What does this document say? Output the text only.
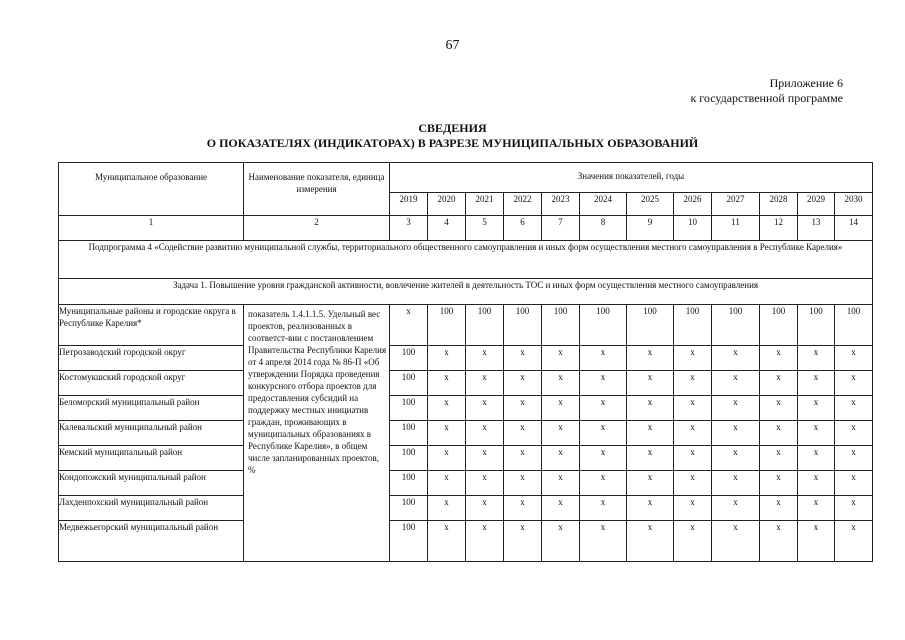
67
Приложение 6
к государственной программе
СВЕДЕНИЯ
О ПОКАЗАТЕЛЯХ (ИНДИКАТОРАХ) В РАЗРЕЗЕ МУНИЦИПАЛЬНЫХ ОБРАЗОВАНИЙ
Муниципальное образование	Наименование показателя, единица измерения	Значения показателей, годы											
		2019	2020	2021	2022	2023	2024	2025	2026	2027	2028	2029	2030
1	2	3	4	5	6	7	8	9	10	11	12	13	14
Подпрограмма 4 «Содействие развитию муниципальной службы, территориального общественного самоуправления и иных форм осуществления местного самоуправления в Республике Карелия»													
Задача 1. Повышение уровня гражданской активности, вовлечение жителей в деятельность ТОС и иных форм осуществления местного самоуправления													
Муниципальные районы и городские округа в Республике Карелия*	показатель 1.4.1.1.5. Удельный вес проектов, реализованных в соответст-вии с постановлением Правительства Республики Карелия от 4 апреля 2014 года № 86-П «Об утверждении Порядка проведения конкурсного отбора проектов для предоставления субсидий на поддержку местных инициатив граждан, проживающих в муниципальных образованиях в Республике Карелия», в общем числе запланированных проектов, %	х	100	100	100	100	100	100	100	100	100	100	100
Петрозаводский городской округ		100	х	х	х	х	х	х	х	х	х	х	х
Костомукшский городской округ		100	х	х	х	х	х	х	х	х	х	х	х
Беломорский муниципальный район		100	х	х	х	х	х	х	х	х	х	х	х
Калевальский муниципальный район		100	х	х	х	х	х	х	х	х	х	х	х
Кемский муниципальный район		100	х	х	х	х	х	х	х	х	х	х	х
Кондопожский муниципальный район		100	х	х	х	х	х	х	х	х	х	х	х
Лахденпохский муниципальный район		100	х	х	х	х	х	х	х	х	х	х	х
Медвежьегорский муниципальный район		100	х	х	х	х	х	х	х	х	х	х	х
